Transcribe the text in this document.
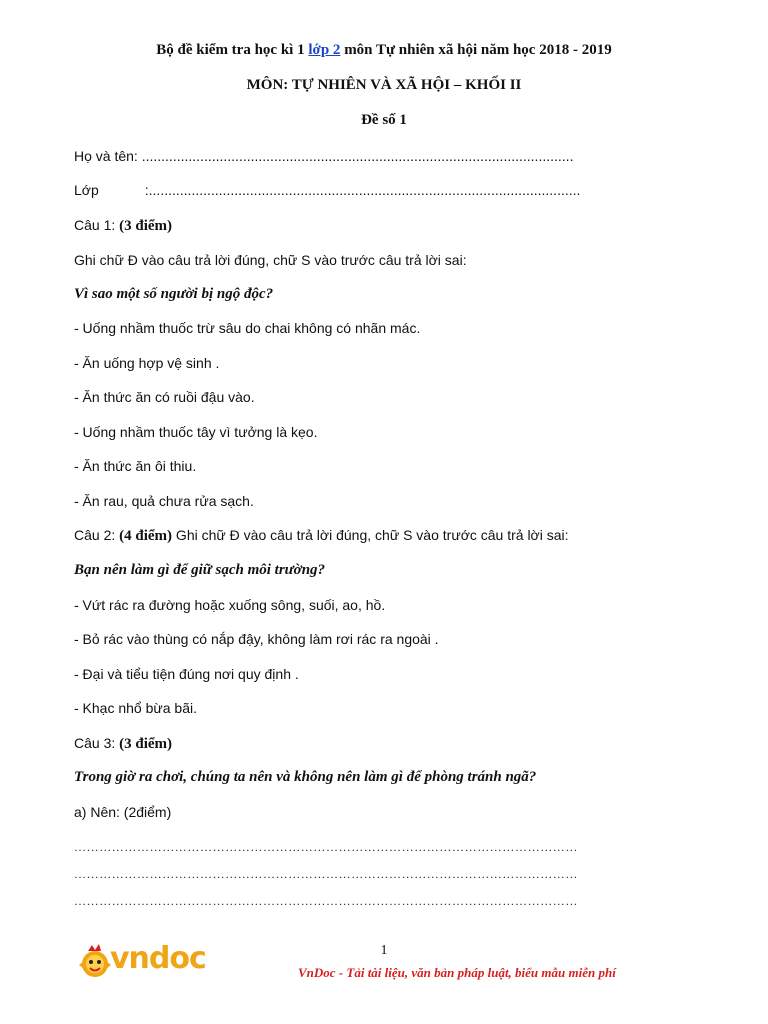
Bộ đề kiểm tra học kì 1 lớp 2 môn Tự nhiên xã hội năm học 2018 - 2019
MÔN: TỰ NHIÊN VÀ XÃ HỘI – KHỐI II
Đề số 1
Họ và tên: ...............................................................................................................
Lớp	:...............................................................................................................
Câu 1: (3 điểm)
Ghi chữ Đ vào câu trả lời đúng, chữ S vào trước câu trả lời sai:
Vì sao một số người bị ngộ độc?
- Uống nhầm thuốc trừ sâu do chai không có nhãn mác.
- Ăn uống hợp vệ sinh .
- Ăn thức ăn có ruồi đậu vào.
- Uống nhầm thuốc tây vì tưởng là kẹo.
- Ăn thức ăn ôi thiu.
- Ăn rau, quả chưa rửa sạch.
Câu 2: (4 điểm) Ghi chữ Đ vào câu trả lời đúng, chữ S vào trước câu trả lời sai:
Bạn nên làm gì để giữ sạch môi trường?
- Vứt rác ra đường hoặc xuống sông, suối, ao, hồ.
- Bỏ rác vào thùng có nắp đậy, không làm rơi rác ra ngoài .
- Đại và tiểu tiện đúng nơi quy định .
- Khạc nhổ bừa bãi.
Câu 3: (3 điểm)
Trong giờ ra chơi, chúng ta nên và không nên làm gì để phòng tránh ngã?
a) Nên: (2điểm)
…………………………………………………………………………………………………………
…………………………………………………………………………………………………………
…………………………………………………………………………………………………………
1
vndoc	VnDoc - Tải tài liệu, văn bản pháp luật, biểu mẫu miễn phí
